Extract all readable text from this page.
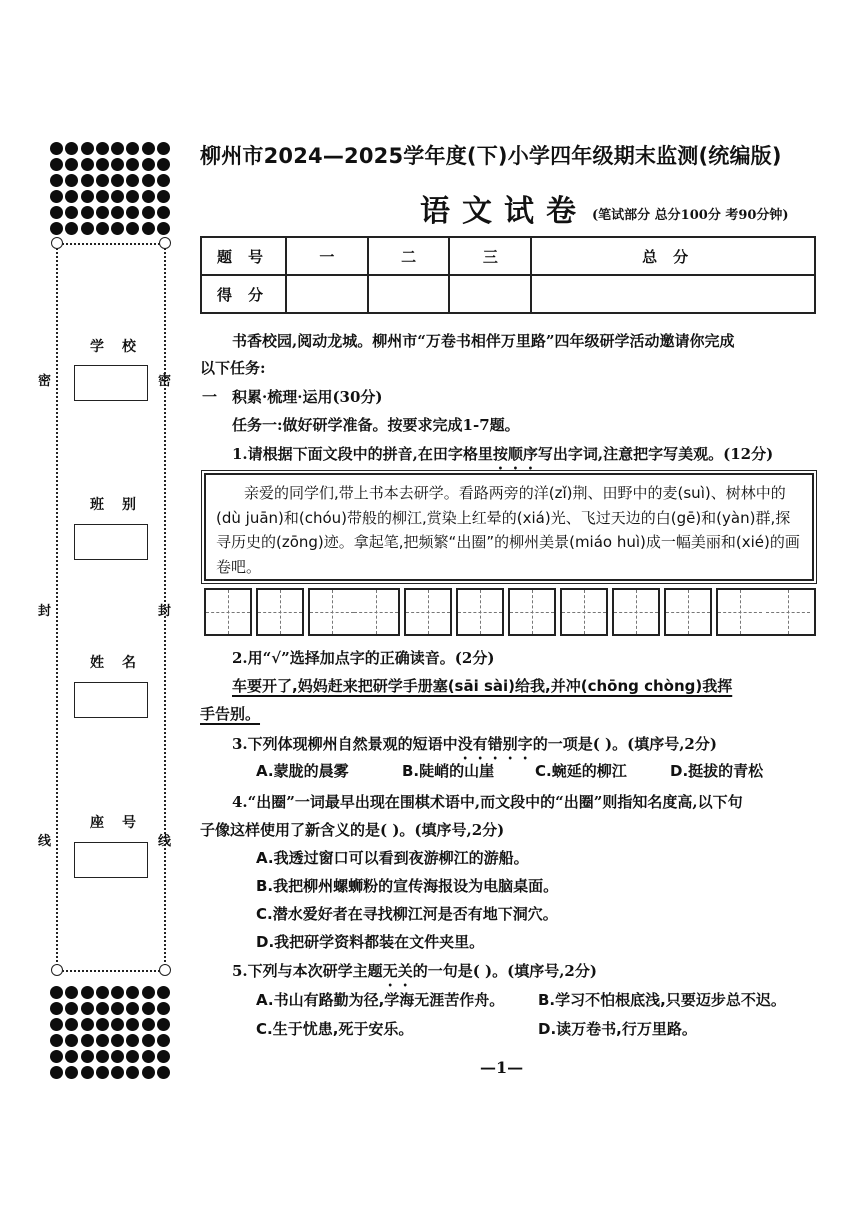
学校
班别
姓名
座号
密	密
封	封
线	线
柳州市2024—2025学年度(下)小学四年级期末监测(统编版)
语文试卷 (笔试部分 总分100分 考90分钟)
题号	一	二	三	总分
得分				
书香校园,阅动龙城。柳州市“万卷书相伴万里路”四年级研学活动邀请你完成
以下任务:
一 积累·梳理·运用(30分)
任务一:做好研学准备。按要求完成1-7题。
1.请根据下面文段中的拼音,在田字格里按顺序写出字词,注意把字写美观。(12分)
亲爱的同学们,带上书本去研学。看路两旁的洋(zǐ)荆、田野中的麦(suì)、树林中的(dù juān)和(chóu)带般的柳江,赏染上红晕的(xiá)光、飞过天边的白(gē)和(yàn)群,探寻历史的(zōng)迹。拿起笔,把频繁“出圈”的柳州美景(miáo huì)成一幅美丽和(xié)的画卷吧。
2.用“√”选择加点字的正确读音。(2分)
车要开了,妈妈赶来把研学手册塞(sāi sài)给我,并冲(chōng chòng)我挥
手告别。
3.下列体现柳州自然景观的短语中没有错别字的一项是( )。(填序号,2分)
A.蒙胧的晨雾	B.陡峭的山崖	C.蜿延的柳江	D.挺拔的青松
4.“出圈”一词最早出现在围棋术语中,而文段中的“出圈”则指知名度高,以下句
子像这样使用了新含义的是( )。(填序号,2分)
A.我透过窗口可以看到夜游柳江的游船。
B.我把柳州螺蛳粉的宣传海报设为电脑桌面。
C.潜水爱好者在寻找柳江河是否有地下洞穴。
D.我把研学资料都装在文件夹里。
5.下列与本次研学主题无关的一句是( )。(填序号,2分)
A.书山有路勤为径,学海无涯苦作舟。 B.学习不怕根底浅,只要迈步总不迟。
C.生于忧患,死于安乐。	D.读万卷书,行万里路。
—1—
